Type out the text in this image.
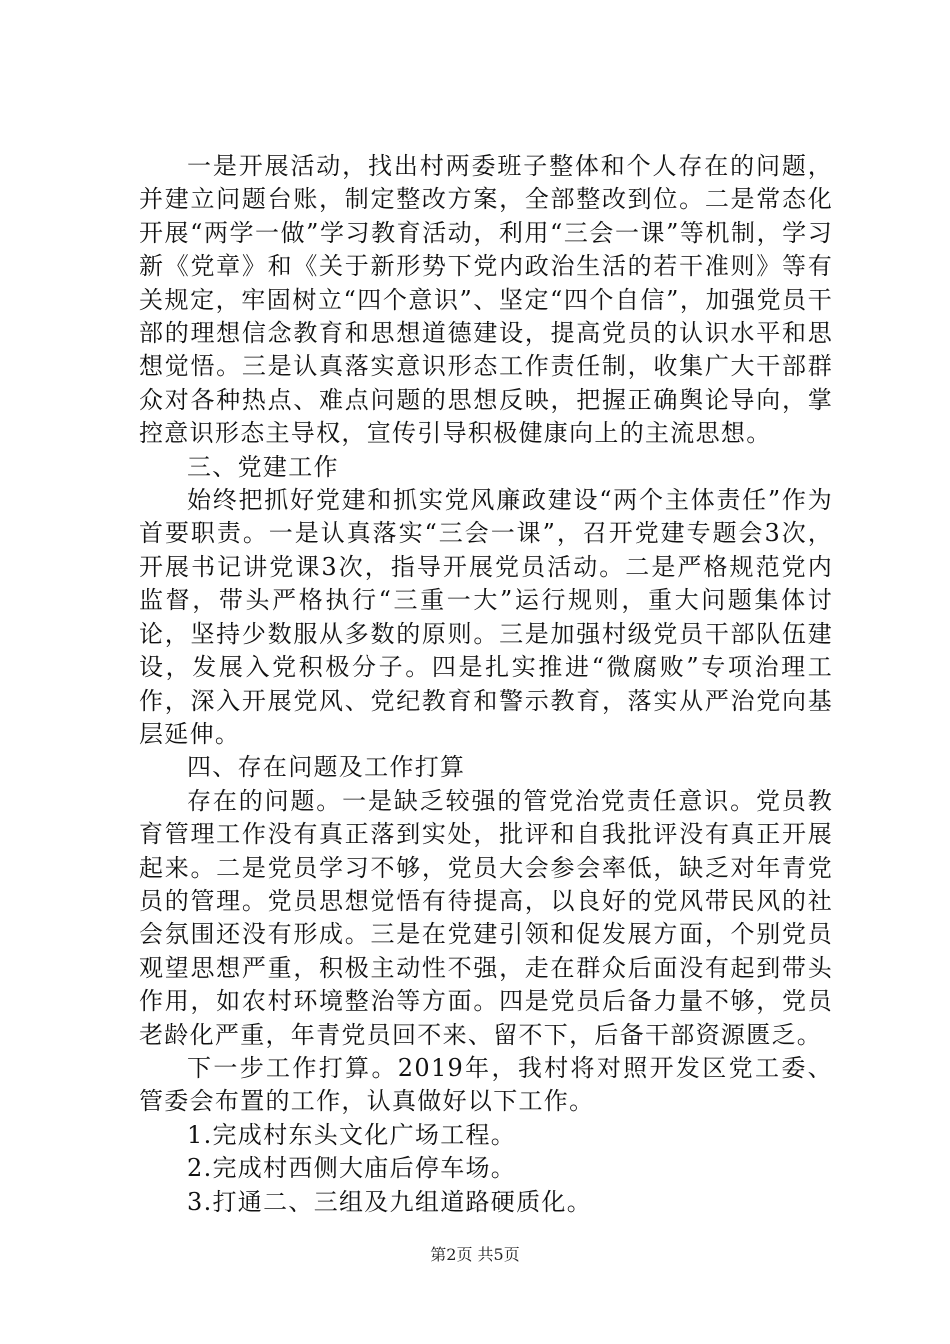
一是开展活动，找出村两委班子整体和个人存在的问题，并建立问题台账，制定整改方案，全部整改到位。二是常态化开展“两学一做”学习教育活动，利用“三会一课”等机制，学习新《党章》和《关于新形势下党内政治生活的若干准则》等有关规定，牢固树立“四个意识”、坚定“四个自信”，加强党员干部的理想信念教育和思想道德建设，提高党员的认识水平和思想觉悟。三是认真落实意识形态工作责任制，收集广大干部群众对各种热点、难点问题的思想反映，把握正确舆论导向，掌控意识形态主导权，宣传引导积极健康向上的主流思想。

三、党建工作

始终把抓好党建和抓实党风廉政建设“两个主体责任”作为首要职责。一是认真落实“三会一课”，召开党建专题会3次，开展书记讲党课3次，指导开展党员活动。二是严格规范党内监督，带头严格执行“三重一大”运行规则，重大问题集体讨论，坚持少数服从多数的原则。三是加强村级党员干部队伍建设，发展入党积极分子。四是扎实推进“微腐败”专项治理工作，深入开展党风、党纪教育和警示教育，落实从严治党向基层延伸。

四、存在问题及工作打算

存在的问题。一是缺乏较强的管党治党责任意识。党员教育管理工作没有真正落到实处，批评和自我批评没有真正开展起来。二是党员学习不够，党员大会参会率低，缺乏对年青党员的管理。党员思想觉悟有待提高，以良好的党风带民风的社会氛围还没有形成。三是在党建引领和促发展方面，个别党员观望思想严重，积极主动性不强，走在群众后面没有起到带头作用，如农村环境整治等方面。四是党员后备力量不够，党员老龄化严重，年青党员回不来、留不下，后备干部资源匮乏。

下一步工作打算。2019年，我村将对照开发区党工委、管委会布置的工作，认真做好以下工作。

1.完成村东头文化广场工程。

2.完成村西侧大庙后停车场。

3.打通二、三组及九组道路硬质化。

第2页 共5页
